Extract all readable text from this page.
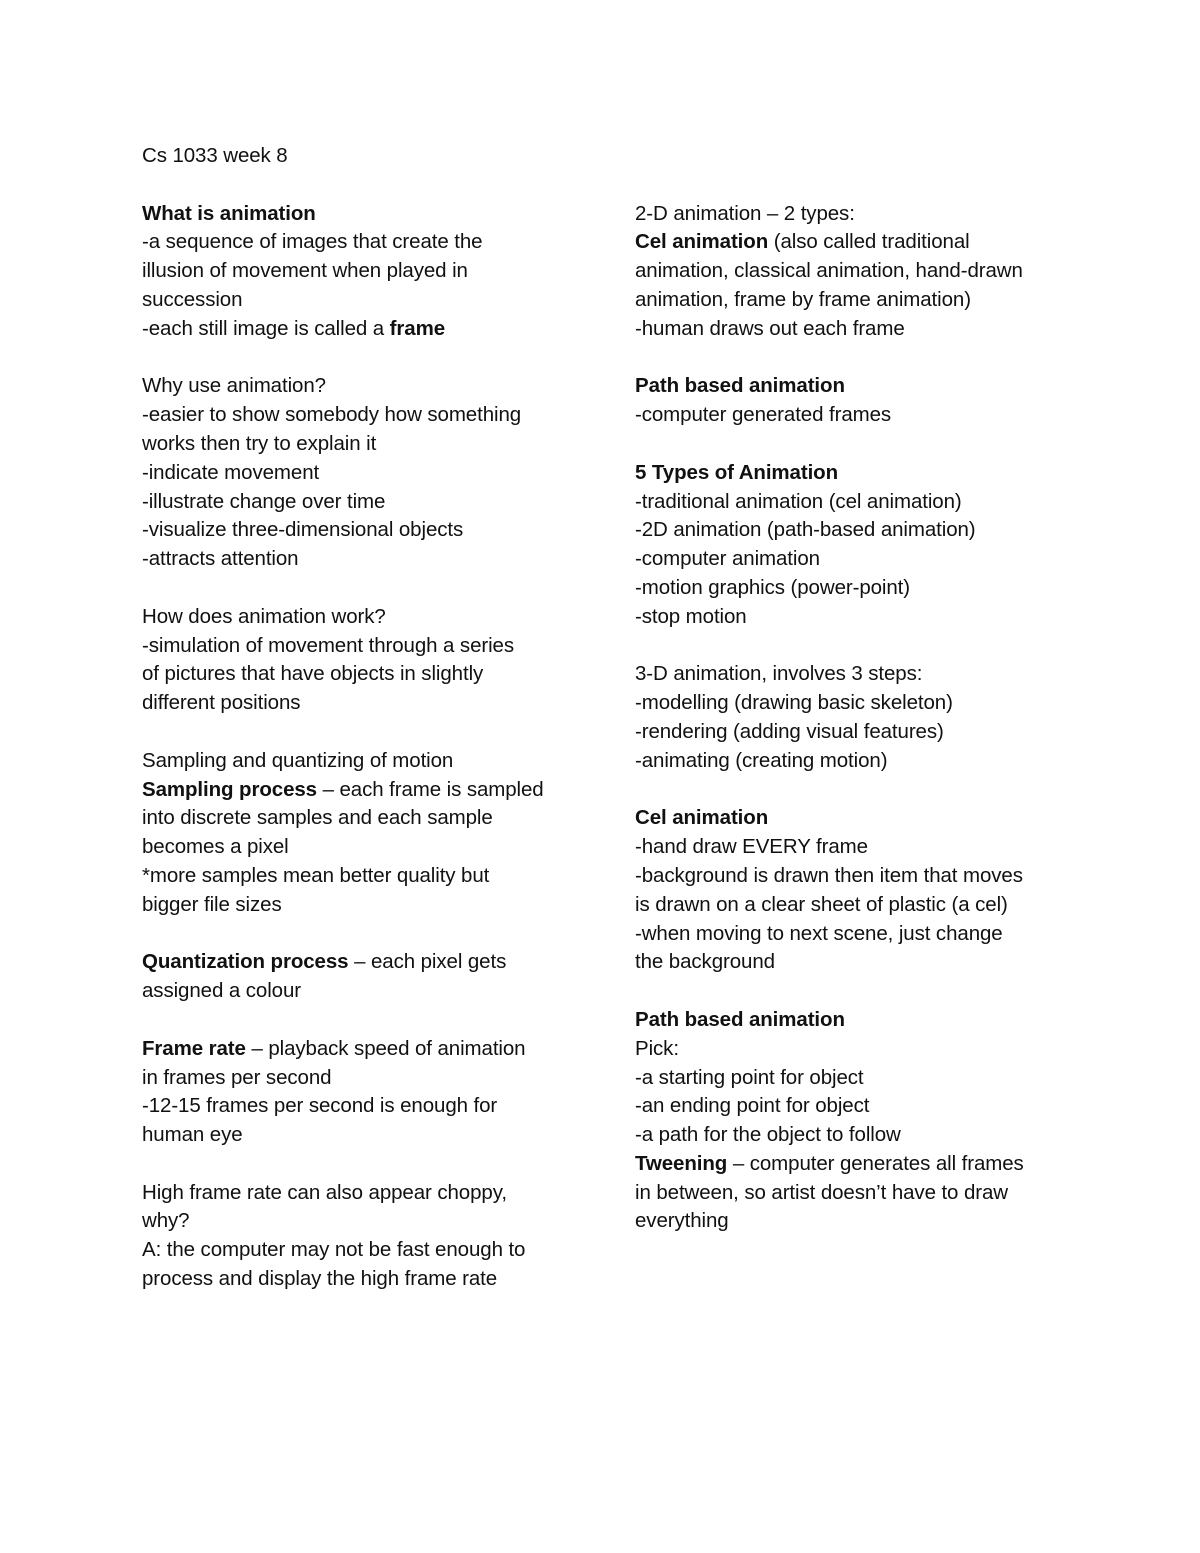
Cs 1033 week 8
What is animation
-a sequence of images that create the
illusion of movement when played in
succession
-each still image is called a frame
Why use animation?
-easier to show somebody how something
works then try to explain it
-indicate movement
-illustrate change over time
-visualize three-dimensional objects
-attracts attention
How does animation work?
-simulation of movement through a series
of pictures that have objects in slightly
different positions
Sampling and quantizing of motion
Sampling process – each frame is sampled
into discrete samples and each sample
becomes a pixel
*more samples mean better quality but
bigger file sizes
Quantization process – each pixel gets
assigned a colour
Frame rate – playback speed of animation
in frames per second
-12-15 frames per second is enough for
human eye
High frame rate can also appear choppy,
why?
A: the computer may not be fast enough to
process and display the high frame rate
2-D animation – 2 types:
Cel animation (also called traditional
animation, classical animation, hand-drawn
animation, frame by frame animation)
-human draws out each frame
Path based animation
-computer generated frames
5 Types of Animation
-traditional animation (cel animation)
-2D animation (path-based animation)
-computer animation
-motion graphics (power-point)
-stop motion
3-D animation, involves 3 steps:
-modelling (drawing basic skeleton)
-rendering (adding visual features)
-animating (creating motion)
Cel animation
-hand draw EVERY frame
-background is drawn then item that moves
is drawn on a clear sheet of plastic (a cel)
-when moving to next scene, just change
the background
Path based animation
Pick:
-a starting point for object
-an ending point for object
-a path for the object to follow
Tweening – computer generates all frames
in between, so artist doesn’t have to draw
everything
